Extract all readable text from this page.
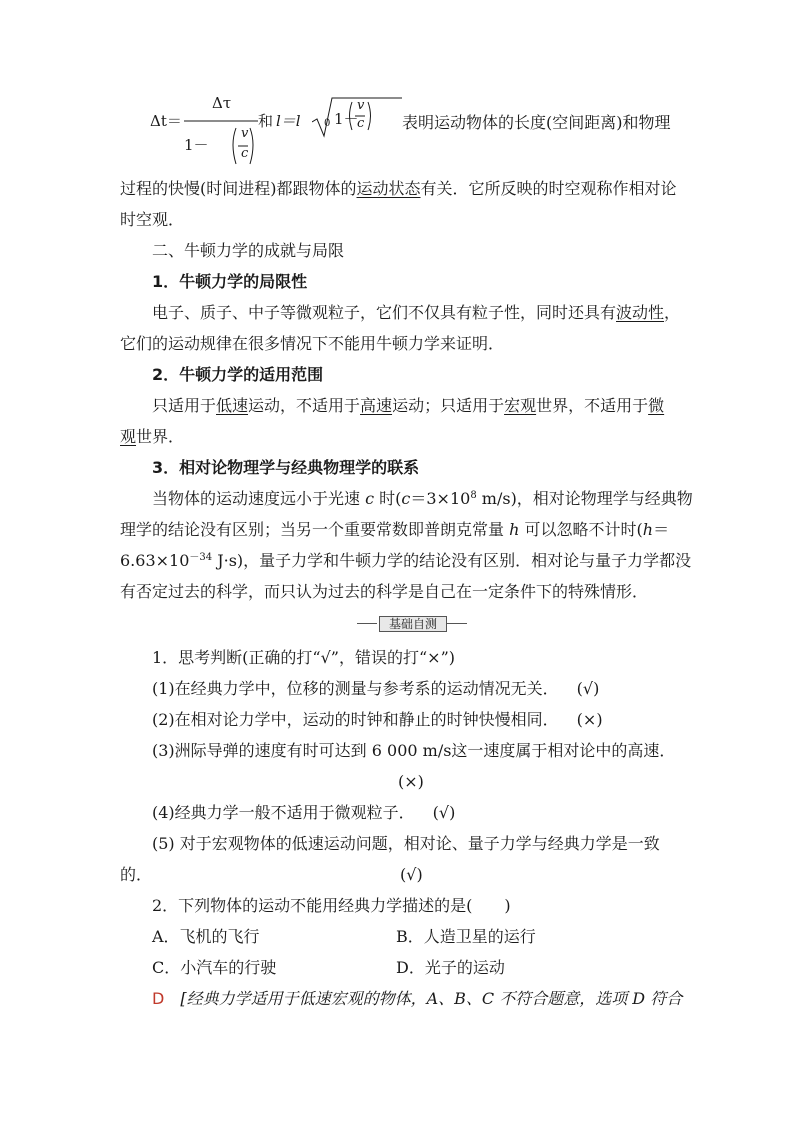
Δt＝
Δτ
1－
v
c
和 l＝l 0 1－
v
c 表明运动物体的长度(空间距离)和物理
过程的快慢(时间进程)都跟物体的运动状态有关．它所反映的时空观称作相对论
时空观．
二、牛顿力学的成就与局限
1．牛顿力学的局限性
电子、质子、中子等微观粒子，它们不仅具有粒子性，同时还具有波动性，
它们的运动规律在很多情况下不能用牛顿力学来证明．
2．牛顿力学的适用范围
只适用于低速运动，不适用于高速运动；只适用于宏观世界，不适用于微
观世界．
3．相对论物理学与经典物理学的联系
当物体的运动速度远小于光速 c 时($c=3\times 10^8$ m/s)，相对论物理学与经典物
理学的结论没有区别；当另一个重要常数即普朗克常量 h 可以忽略不计时(h＝
$6.63\times 10^{-34}$ J·s)，量子力学和牛顿力学的结论没有区别．相对论与量子力学都没
有否定过去的科学，而只认为过去的科学是自己在一定条件下的特殊情形．
基础自测
1．思考判断(正确的打“√”，错误的打“×”)
(1)在经典力学中，位移的测量与参考系的运动情况无关． (√)
(2)在相对论力学中，运动的时钟和静止的时钟快慢相同． (×)
(3)洲际导弹的速度有时可达到 6 000 m/s这一速度属于相对论中的高速．
(×)
(4)经典力学一般不适用于微观粒子． (√)
(5) 对于宏观物体的低速运动问题，相对论、量子力学与经典力学是一致
的．	(√)
2．下列物体的运动不能用经典力学描述的是(　　)
A．飞机的飞行	B．人造卫星的运行
C．小汽车的行驶	D．光子的运动
D [经典力学适用于低速宏观的物体，A、B、C 不符合题意，选项 D 符合
